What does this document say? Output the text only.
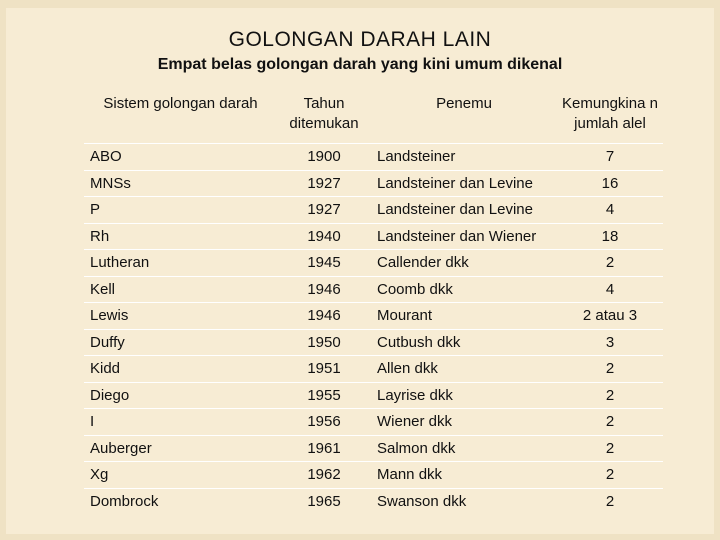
GOLONGAN DARAH LAIN
Empat belas golongan darah yang kini umum dikenal
Sistem golongan darah	Tahun ditemukan	Penemu	Kemungkina n jumlah alel
ABO	1900	Landsteiner	7
MNSs	1927	Landsteiner dan Levine	16
P	1927	Landsteiner dan Levine	4
Rh	1940	Landsteiner dan Wiener	18
Lutheran	1945	Callender dkk	2
Kell	1946	Coomb dkk	4
Lewis	1946	Mourant	2 atau 3
Duffy	1950	Cutbush dkk	3
Kidd	1951	Allen dkk	2
Diego	1955	Layrise dkk	2
I	1956	Wiener dkk	2
Auberger	1961	Salmon dkk	2
Xg	1962	Mann dkk	2
Dombrock	1965	Swanson dkk	2
